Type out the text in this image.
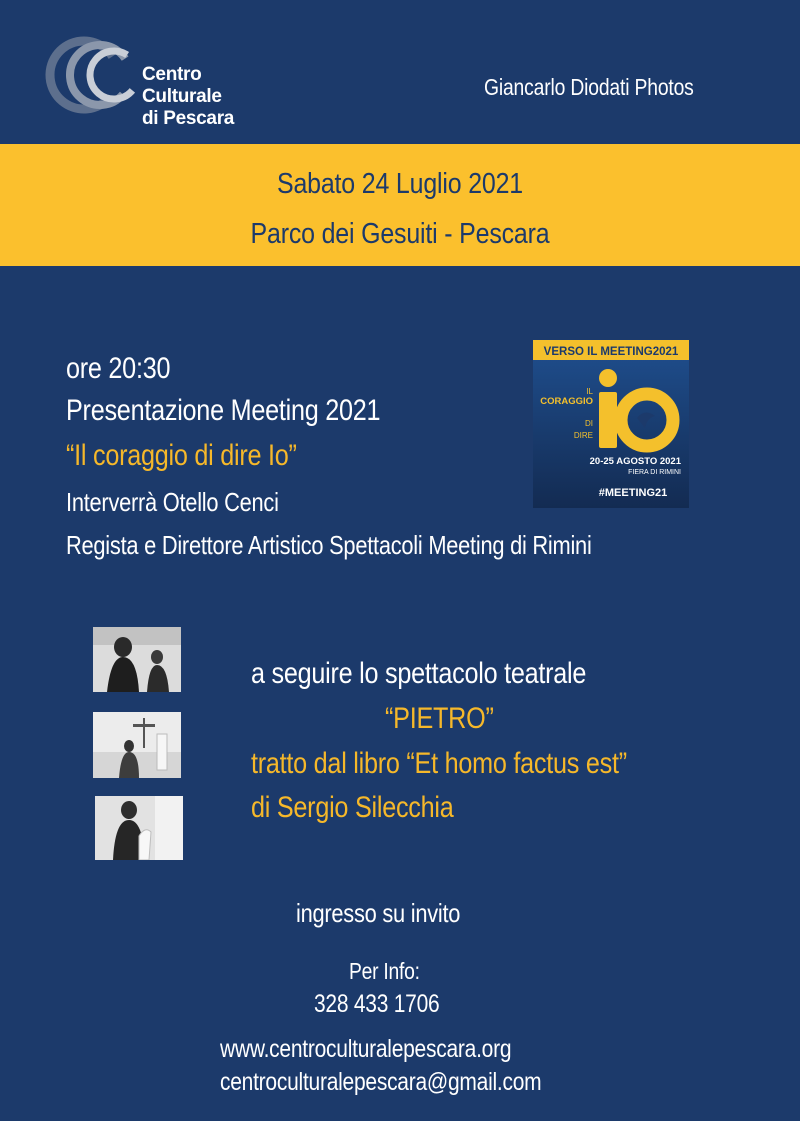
Centro Culturale
di Pescara
Giancarlo Diodati Photos
Sabato 24 Luglio 2021
Parco dei Gesuiti - Pescara
ore 20:30
Presentazione Meeting 2021
“Il coraggio di dire Io”
Interverrà Otello Cenci
Regista e Direttore Artistico Spettacoli Meeting di Rimini
VERSO IL MEETING2021
IL
CORAGGIO
DI
DIRE
20-25 AGOSTO 2021
FIERA DI RIMINI
#MEETING21
a seguire lo spettacolo teatrale
“PIETRO”
tratto dal libro “Et homo factus est”
di Sergio Silecchia
ingresso su invito
Per Info:
328 433 1706
www.centroculturalepescara.org
centroculturalepescara@gmail.com
